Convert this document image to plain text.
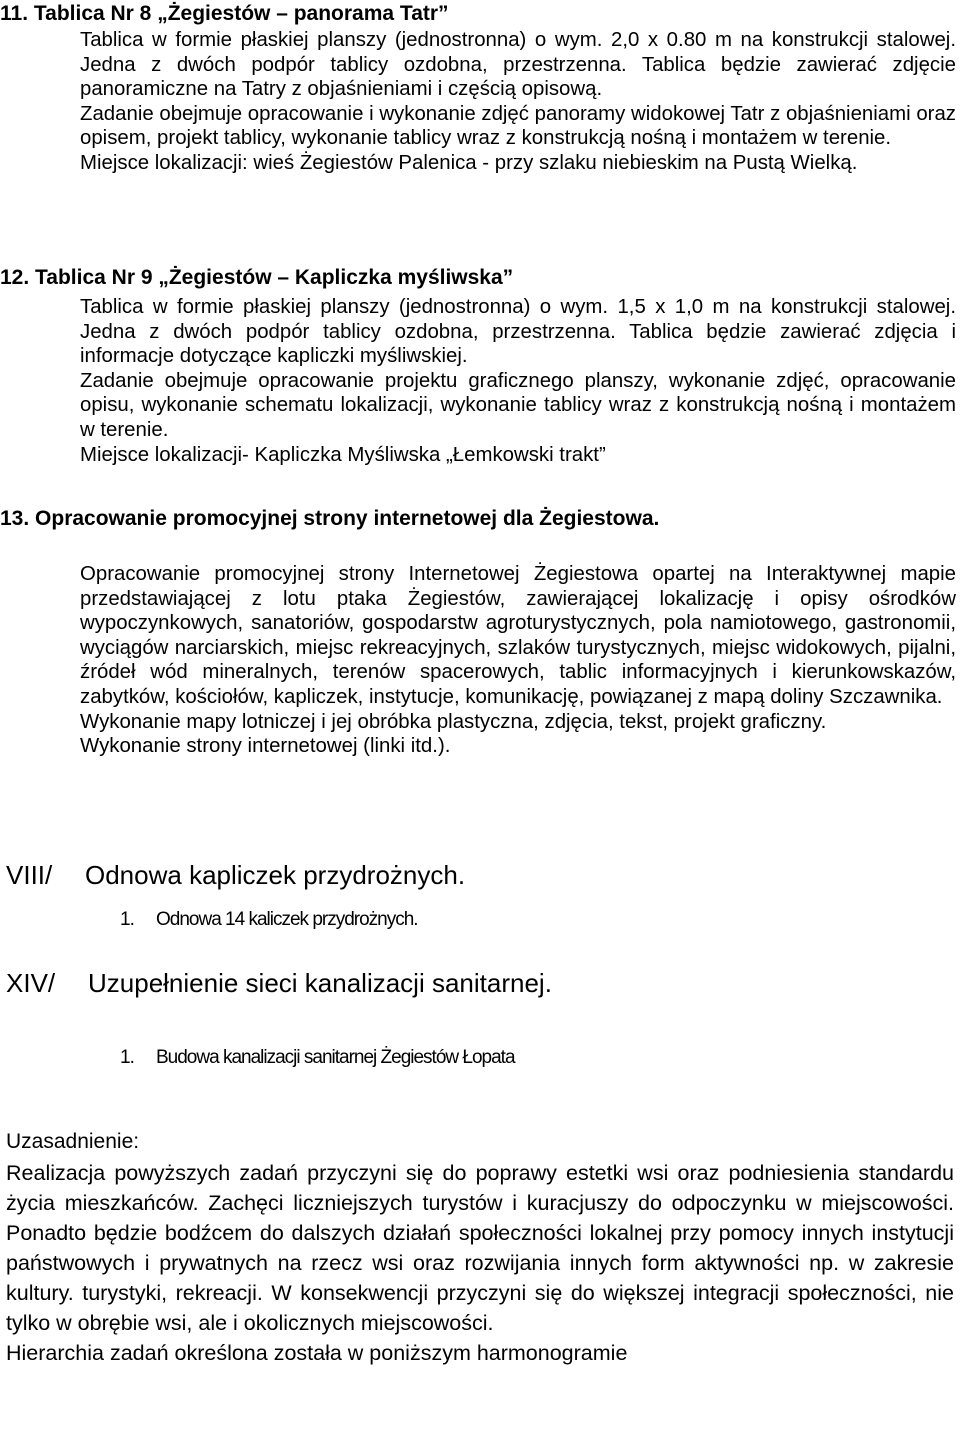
11. Tablica Nr 8 „Żegiestów – panorama Tatr”

Tablica w formie płaskiej planszy (jednostronna) o wym. 2,0 x 0.80 m na konstrukcji stalowej. Jedna z dwóch podpór tablicy ozdobna, przestrzenna. Tablica będzie zawierać zdjęcie panoramiczne na Tatry z objaśnieniami i częścią opisową.

Zadanie obejmuje opracowanie i wykonanie zdjęć panoramy widokowej Tatr z objaśnieniami oraz opisem, projekt tablicy, wykonanie tablicy wraz z konstrukcją nośną i montażem w terenie.

Miejsce lokalizacji: wieś Żegiestów Palenica - przy szlaku niebieskim na Pustą Wielką.

12. Tablica Nr 9 „Żegiestów – Kapliczka myśliwska”

Tablica w formie płaskiej planszy (jednostronna) o wym. 1,5 x 1,0 m na konstrukcji stalowej. Jedna z dwóch podpór tablicy ozdobna, przestrzenna. Tablica będzie zawierać zdjęcia i informacje dotyczące kapliczki myśliwskiej.

Zadanie obejmuje opracowanie projektu graficznego planszy, wykonanie zdjęć, opracowanie opisu, wykonanie schematu lokalizacji, wykonanie tablicy wraz z konstrukcją nośną i montażem w terenie.

Miejsce lokalizacji- Kapliczka Myśliwska „Łemkowski trakt”

13. Opracowanie promocyjnej strony internetowej dla Żegiestowa.

Opracowanie promocyjnej strony Internetowej Żegiestowa opartej na Interaktywnej mapie przedstawiającej z lotu ptaka Żegiestów, zawierającej lokalizację i opisy ośrodków wypoczynkowych, sanatoriów, gospodarstw agroturystycznych, pola namiotowego, gastronomii, wyciągów narciarskich, miejsc rekreacyjnych, szlaków turystycznych, miejsc widokowych, pijalni, źródeł wód mineralnych, terenów spacerowych, tablic informacyjnych i kierunkowskazów, zabytków, kościołów, kapliczek, instytucje, komunikację, powiązanej z mapą doliny Szczawnika.

Wykonanie mapy lotniczej i jej obróbka plastyczna, zdjęcia, tekst, projekt graficzny.

Wykonanie strony internetowej (linki itd.).

VIII/ Odnowa kapliczek przydrożnych.
1. Odnowa 14 kaliczek przydrożnych.
XIV/ Uzupełnienie sieci kanalizacji sanitarnej.
1. Budowa kanalizacji sanitarnej Żegiestów Łopata
Uzasadnienie:

Realizacja powyższych zadań przyczyni się do poprawy estetki wsi oraz podniesienia standardu życia mieszkańców. Zachęci liczniejszych turystów i kuracjuszy do odpoczynku w miejscowości. Ponadto będzie bodźcem do dalszych działań społeczności lokalnej przy pomocy innych instytucji państwowych i prywatnych na rzecz wsi oraz rozwijania innych form aktywności np. w zakresie kultury. turystyki, rekreacji. W konsekwencji przyczyni się do większej integracji społeczności, nie tylko w obrębie wsi, ale i okolicznych miejscowości.

Hierarchia zadań określona została w poniższym harmonogramie
